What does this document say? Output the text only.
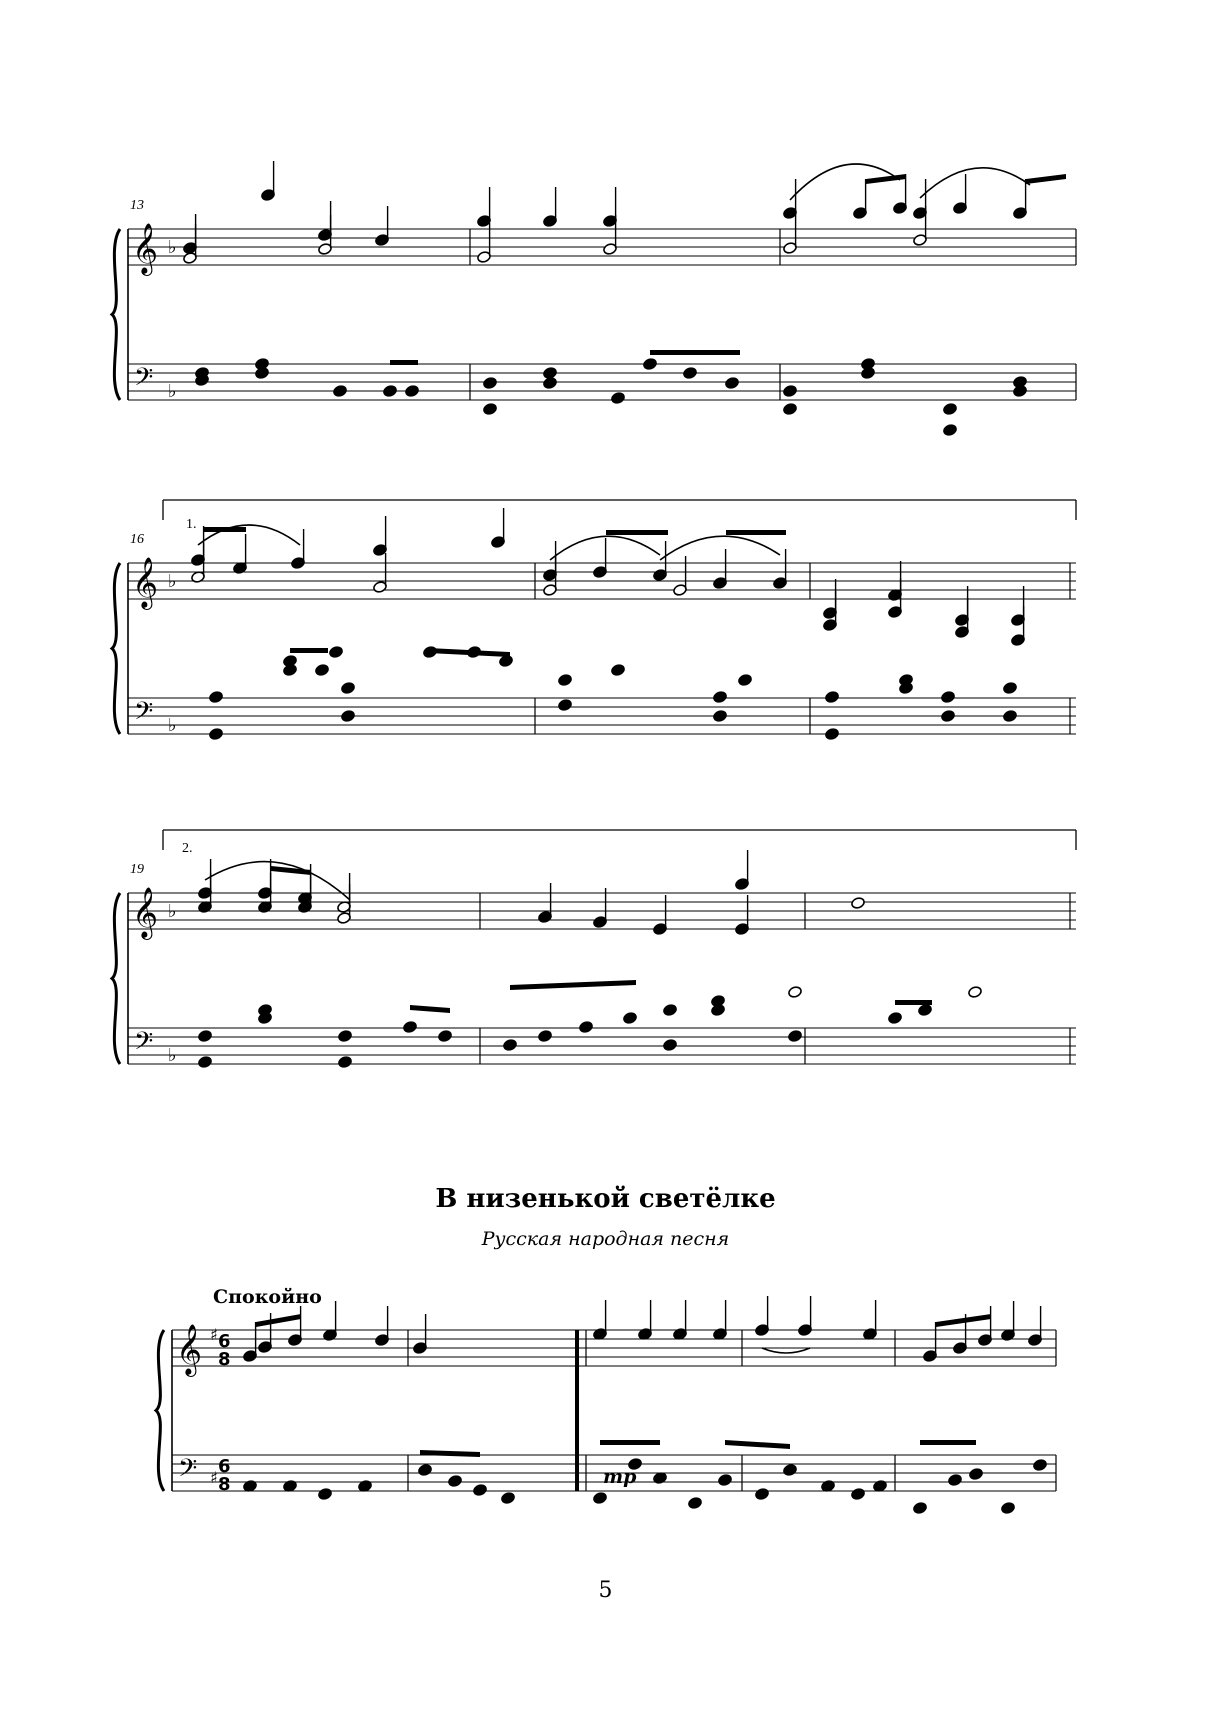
𝄞
𝄢
♭
♭
𝄞
𝄢
♭
♭
𝄞
𝄢
♭
♭
𝄞
𝄢
♯
♯
6
8
6
8
13
16
19
1.
2.
В низенькой светёлке
Русская народная песня
Спокойно
mp
5
